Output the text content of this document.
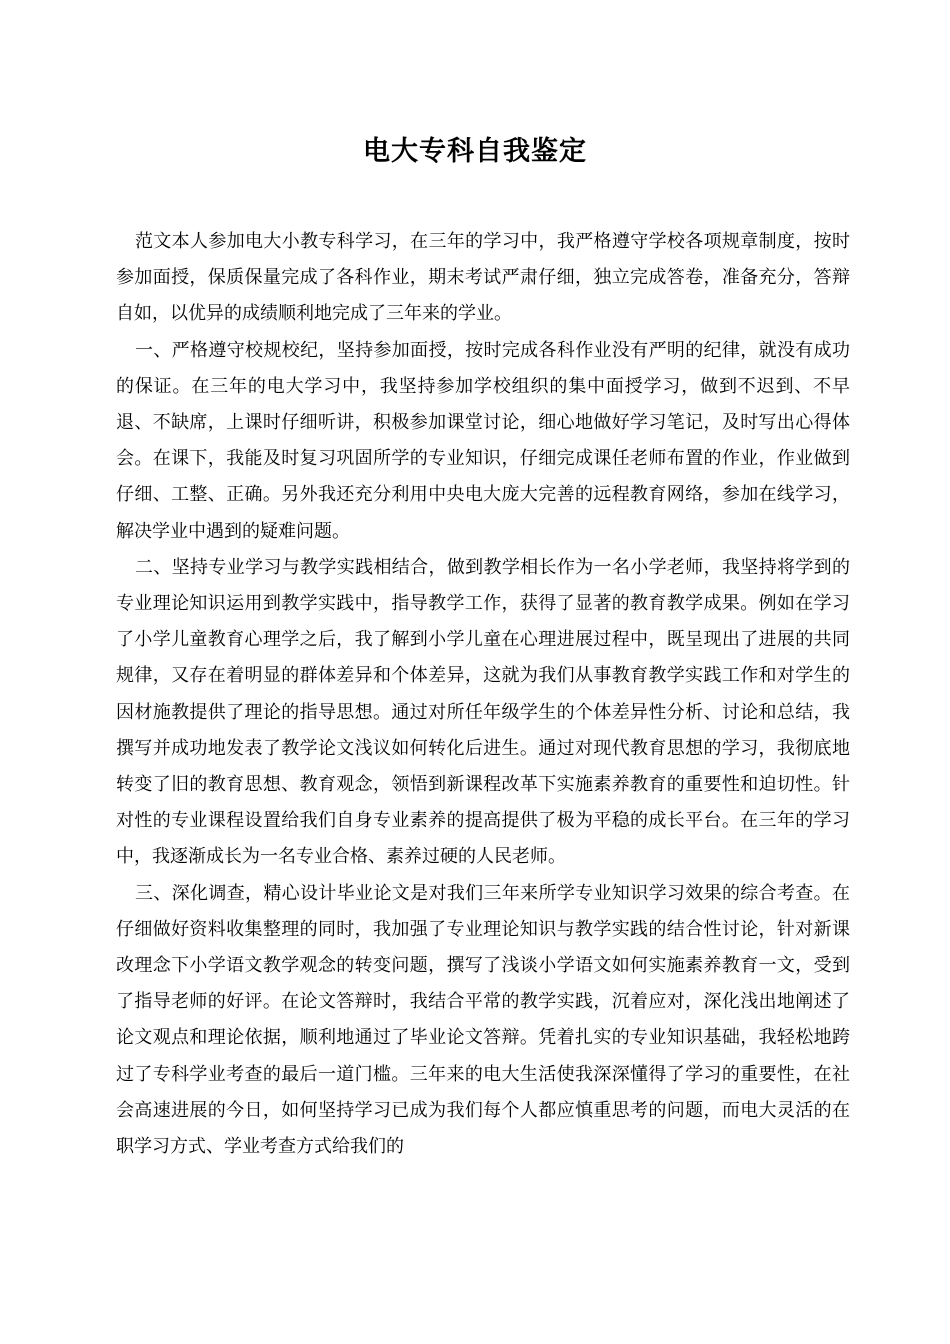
电大专科自我鉴定

范文本人参加电大小教专科学习，在三年的学习中，我严格遵守学校各项规章制度，按时参加面授，保质保量完成了各科作业，期末考试严肃仔细，独立完成答卷，准备充分，答辩自如，以优异的成绩顺利地完成了三年来的学业。

一、严格遵守校规校纪，坚持参加面授，按时完成各科作业没有严明的纪律，就没有成功的保证。在三年的电大学习中，我坚持参加学校组织的集中面授学习，做到不迟到、不早退、不缺席，上课时仔细听讲，积极参加课堂讨论，细心地做好学习笔记，及时写出心得体会。在课下，我能及时复习巩固所学的专业知识，仔细完成课任老师布置的作业，作业做到仔细、工整、正确。另外我还充分利用中央电大庞大完善的远程教育网络，参加在线学习，解决学业中遇到的疑难问题。

二、坚持专业学习与教学实践相结合，做到教学相长作为一名小学老师，我坚持将学到的专业理论知识运用到教学实践中，指导教学工作，获得了显著的教育教学成果。例如在学习了小学儿童教育心理学之后，我了解到小学儿童在心理进展过程中，既呈现出了进展的共同规律，又存在着明显的群体差异和个体差异，这就为我们从事教育教学实践工作和对学生的因材施教提供了理论的指导思想。通过对所任年级学生的个体差异性分析、讨论和总结，我撰写并成功地发表了教学论文浅议如何转化后进生。通过对现代教育思想的学习，我彻底地转变了旧的教育思想、教育观念，领悟到新课程改革下实施素养教育的重要性和迫切性。针对性的专业课程设置给我们自身专业素养的提高提供了极为平稳的成长平台。在三年的学习中，我逐渐成长为一名专业合格、素养过硬的人民老师。

三、深化调查，精心设计毕业论文是对我们三年来所学专业知识学习效果的综合考查。在仔细做好资料收集整理的同时，我加强了专业理论知识与教学实践的结合性讨论，针对新课改理念下小学语文教学观念的转变问题，撰写了浅谈小学语文如何实施素养教育一文，受到了指导老师的好评。在论文答辩时，我结合平常的教学实践，沉着应对，深化浅出地阐述了论文观点和理论依据，顺利地通过了毕业论文答辩。凭着扎实的专业知识基础，我轻松地跨过了专科学业考查的最后一道门槛。三年来的电大生活使我深深懂得了学习的重要性，在社会高速进展的今日，如何坚持学习已成为我们每个人都应慎重思考的问题，而电大灵活的在职学习方式、学业考查方式给我们的
